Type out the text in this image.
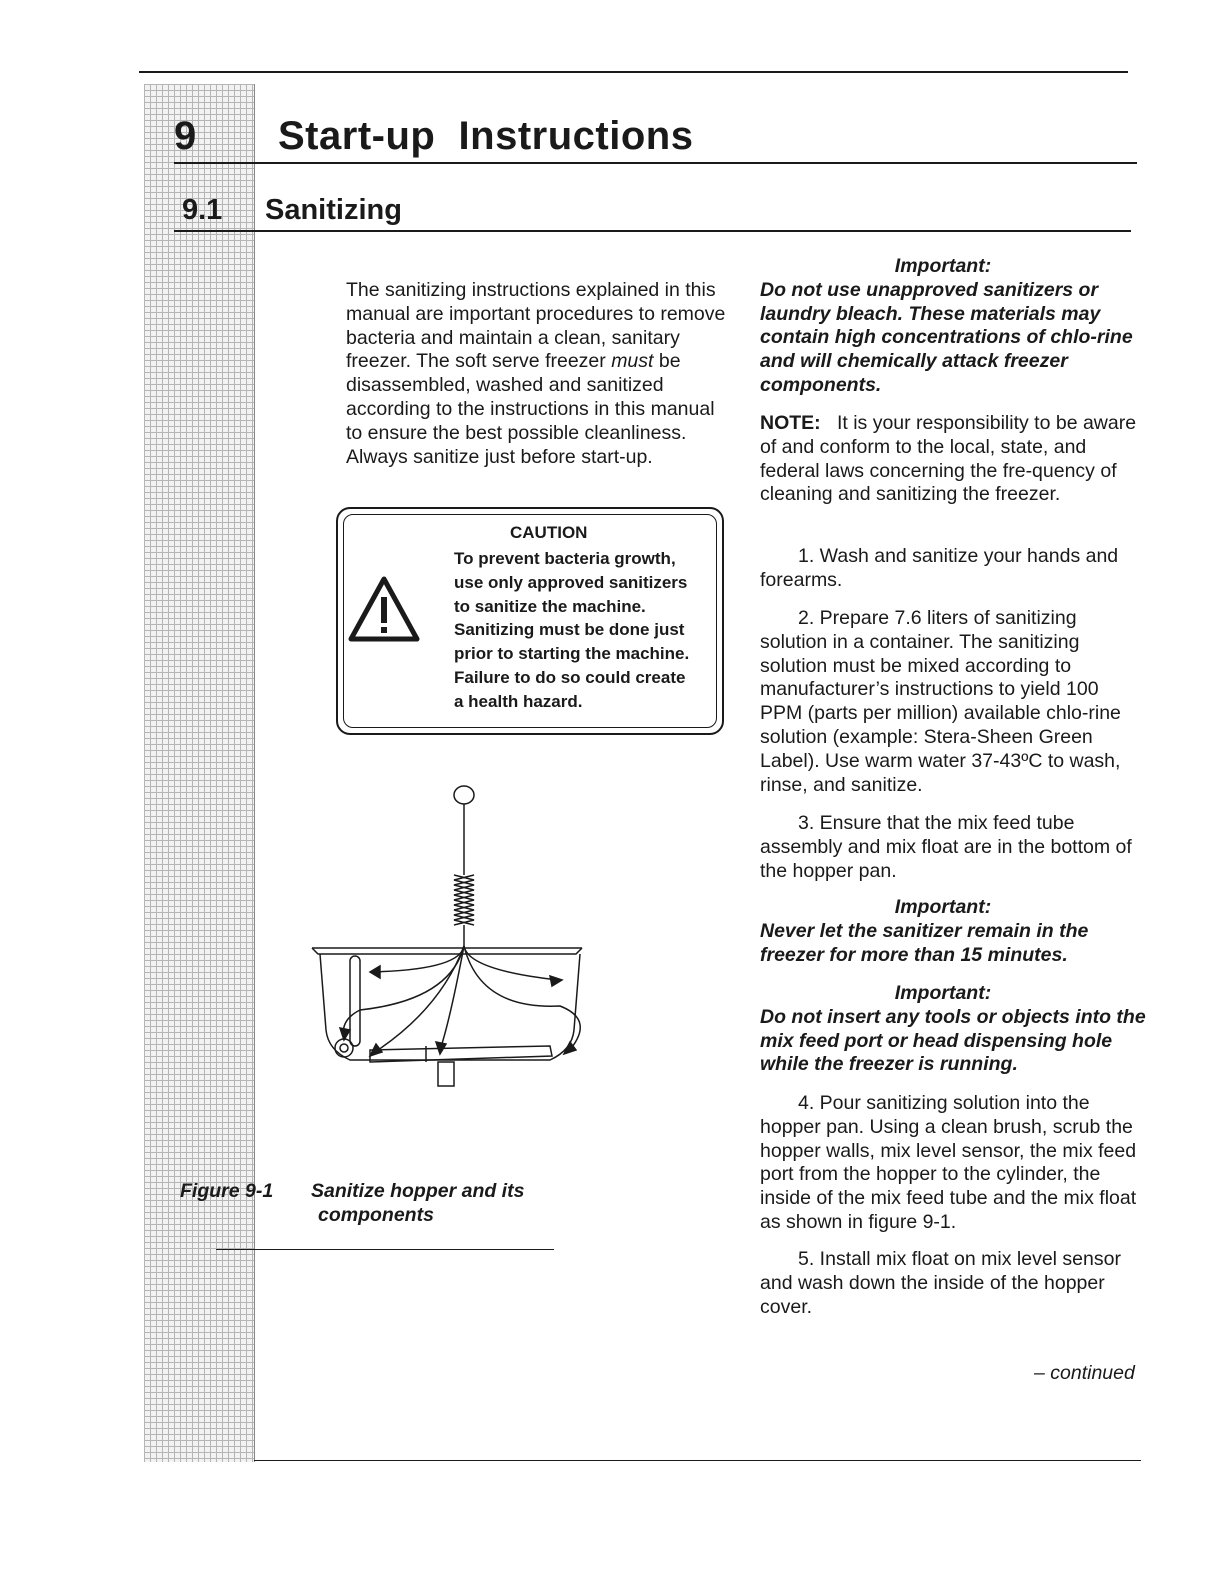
9 Start-up  Instructions
9.1 Sanitizing
The sanitizing instructions explained in this manual are important procedures to remove bacteria and maintain a clean, sanitary freezer. The soft serve freezer must be disassembled, washed and sanitized according to the instructions in this manual to ensure the best possible cleanliness. Always sanitize just before start-up.
CAUTION
To prevent bacteria growth,
use only approved sanitizers
to sanitize the machine.
Sanitizing must be done just
prior to starting the machine.
Failure to do so could create
a health hazard.
Figure 9-1 Sanitize hopper and its
components
Important:
Do not use unapproved sanitizers or laundry bleach. These materials may contain high concentrations of chlo-rine and will chemically attack freezer components.
NOTE: It is your responsibility to be aware of and conform to the local, state, and federal laws concerning the fre-quency of cleaning and sanitizing the freezer.
1. Wash and sanitize your hands and forearms.
2. Prepare 7.6 liters of sanitizing solution in a container. The sanitizing solution must be mixed according to manufacturer’s instructions to yield 100 PPM (parts per million) available chlo-rine solution (example: Stera-Sheen Green Label). Use warm water 37-43ºC to wash, rinse, and sanitize.
3. Ensure that the mix feed tube assembly and mix float are in the bottom of the hopper pan.
Important:
Never let the sanitizer remain in the freezer for more than 15 minutes.
Important:
Do not insert any tools or objects into the mix feed port or head dispensing hole while the freezer is running.
4. Pour sanitizing solution into the hopper pan. Using a clean brush, scrub the hopper walls, mix level sensor, the mix feed port from the hopper to the cylinder, the inside of the mix feed tube and the mix float as shown in figure 9-1.
5. Install mix float on mix level sensor and wash down the inside of the hopper cover.
– continued
